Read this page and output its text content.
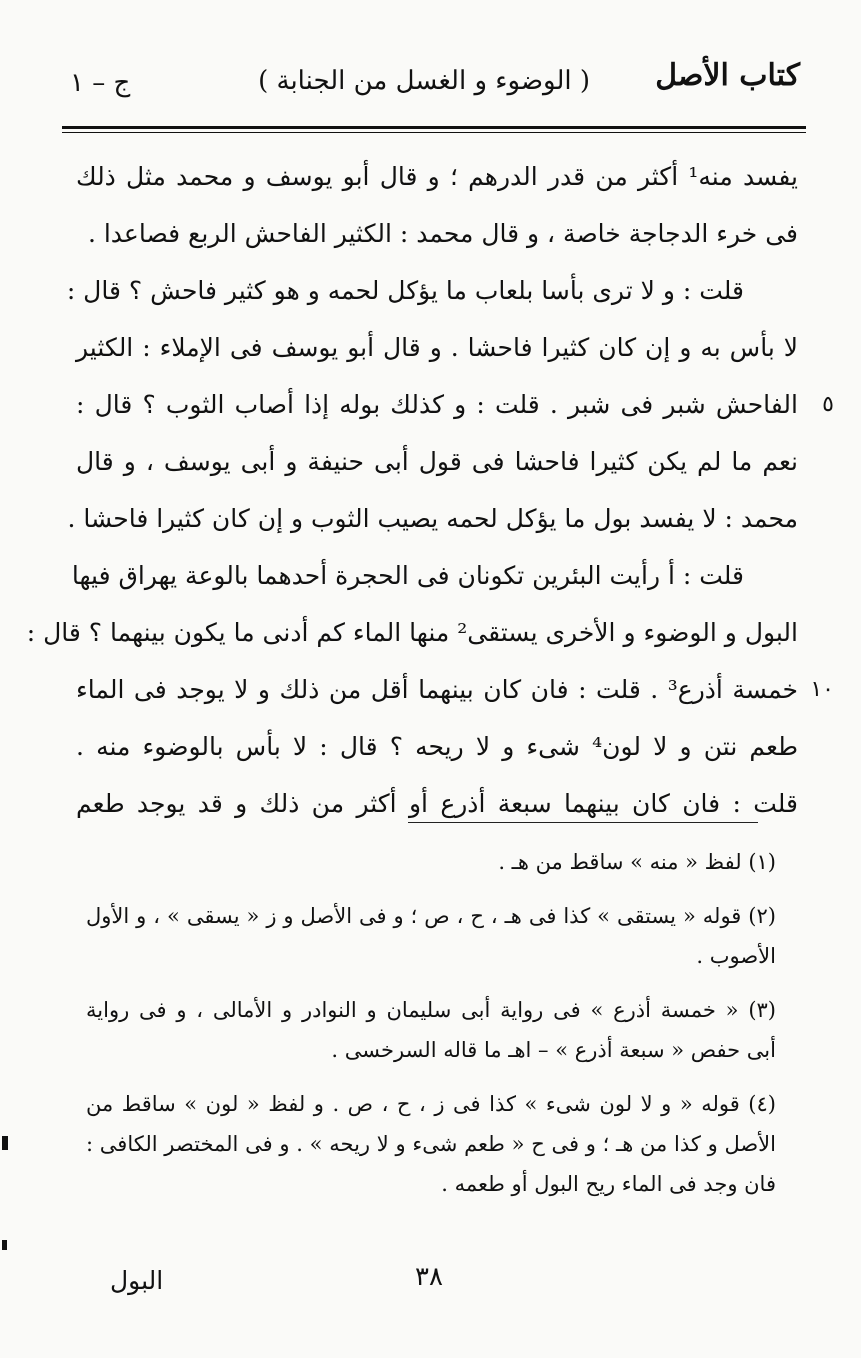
كتاب الأصل
( الوضوء و الغسل من الجنابة )
ج – ١
يفسد منه¹ أكثر من قدر الدرهم ؛ و قال أبو يوسف و محمد مثل ذلك
فى خرء الدجاجة خاصة ، و قال محمد : الكثير الفاحش الربع فصاعدا .
قلت : و لا ترى بأسا بلعاب ما يؤكل لحمه و هو كثير فاحش ؟ قال :
لا بأس به و إن كان كثيرا فاحشا . و قال أبو يوسف فى الإملاء : الكثير
٥
الفاحش شبر فى شبر . قلت : و كذلك بوله إذا أصاب الثوب ؟ قال :
نعم ما لم يكن كثيرا فاحشا فى قول أبى حنيفة و أبى يوسف ، و قال
محمد : لا يفسد بول ما يؤكل لحمه يصيب الثوب و إن كان كثيرا فاحشا .
قلت : أ رأيت البئرين تكونان فى الحجرة أحدهما بالوعة يهراق فيها
البول و الوضوء و الأخرى يستقى² منها الماء كم أدنى ما يكون بينهما ؟ قال :
١٠
خمسة أذرع³ . قلت : فان كان بينهما أقل من ذلك و لا يوجد فى الماء
طعم نتن و لا لون⁴ شىء و لا ريحه ؟ قال : لا بأس بالوضوء منه .
قلت : فان كان بينهما سبعة أذرع أو أكثر من ذلك و قد يوجد طعم
(١) لفظ « منه » ساقط من هـ .
(٢) قوله « يستقى » كذا فى هـ ، ح ، ص ؛ و فى الأصل و ز « يسقى » ، و الأول
الأصوب .
(٣) « خمسة أذرع » فى رواية أبى سليمان و النوادر و الأمالى ، و فى رواية
أبى حفص « سبعة أذرع » – اهـ ما قاله السرخسى .
(٤) قوله « و لا لون شىء » كذا فى ز ، ح ، ص . و لفظ « لون » ساقط من
الأصل و كذا من هـ ؛ و فى ح « طعم شىء و لا ريحه » . و فى المختصر الكافى :
فان وجد فى الماء ريح البول أو طعمه .
٣٨
البول
